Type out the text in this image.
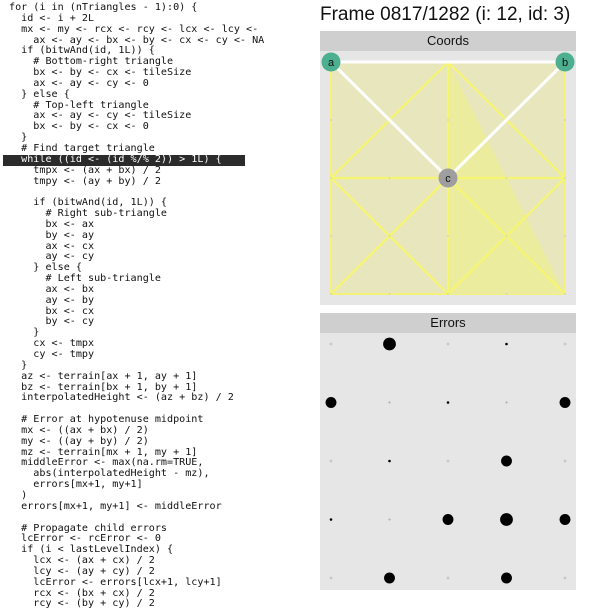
for (i in (nTriangles - 1):0) {
id <- i + 2L
mx <- my <- rcx <- rcy <- lcx <- lcy <-
ax <- ay <- bx <- by <- cx <- cy <- NA
if (bitwAnd(id, 1L)) {
# Bottom-right triangle
bx <- by <- cx <- tileSize
ax <- ay <- cy <- 0
} else {
# Top-left triangle
ax <- ay <- cy <- tileSize
bx <- by <- cx <- 0
}
# Find target triangle
while ((id <- (id %/% 2)) > 1L) {
tmpx <- (ax + bx) / 2
tmpy <- (ay + by) / 2

if (bitwAnd(id, 1L)) {
# Right sub-triangle
bx <- ax
by <- ay
ax <- cx
ay <- cy
} else {
# Left sub-triangle
ax <- bx
ay <- by
bx <- cx
by <- cy
}
cx <- tmpx
cy <- tmpy
}
az <- terrain[ax + 1, ay + 1]
bz <- terrain[bx + 1, by + 1]
interpolatedHeight <- (az + bz) / 2

# Error at hypotenuse midpoint
mx <- ((ax + bx) / 2)
my <- ((ay + by) / 2)
mz <- terrain[mx + 1, my + 1]
middleError <- max(na.rm=TRUE,
abs(interpolatedHeight - mz),
errors[mx+1, my+1]
)
errors[mx+1, my+1] <- middleError

# Propagate child errors
lcError <- rcError <- 0
if (i < lastLevelIndex) {
lcx <- (ax + cx) / 2
lcy <- (ay + cy) / 2
lcError <- errors[lcx+1, lcy+1]
rcx <- (bx + cx) / 2
rcy <- (by + cy) / 2
Frame 0817/1282 (i: 12, id: 3)
Coords
a	b
c
Errors
